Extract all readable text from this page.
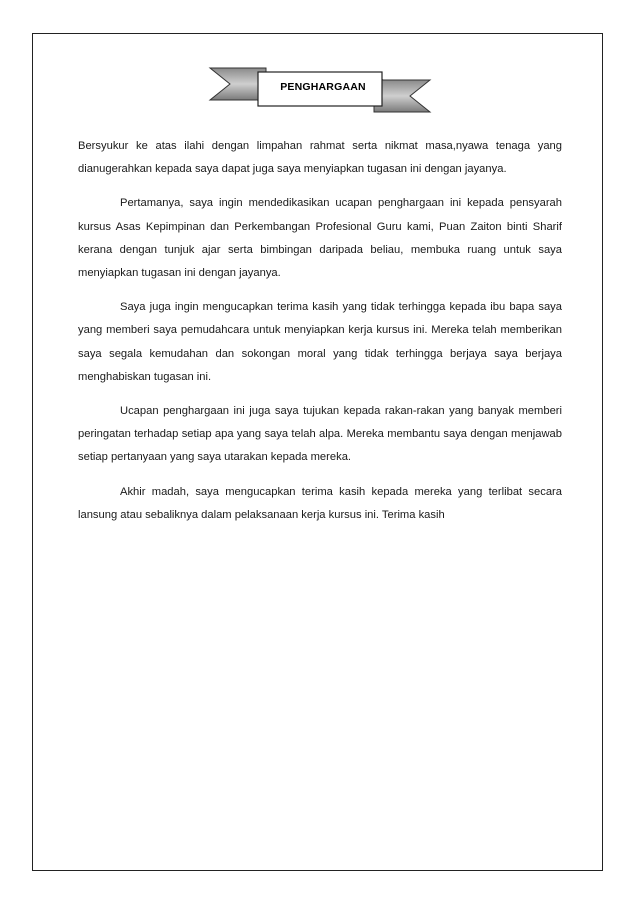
PENGHARGAAN

Bersyukur ke atas ilahi dengan limpahan rahmat serta nikmat masa,nyawa tenaga yang dianugerahkan kepada saya dapat juga saya menyiapkan tugasan ini dengan jayanya.

Pertamanya, saya ingin mendedikasikan ucapan penghargaan ini kepada pensyarah kursus Asas Kepimpinan dan Perkembangan Profesional Guru kami, Puan Zaiton binti Sharif kerana dengan tunjuk ajar serta bimbingan daripada beliau, membuka ruang untuk saya menyiapkan tugasan ini dengan jayanya.

Saya juga ingin mengucapkan terima kasih yang tidak terhingga kepada ibu bapa saya yang memberi saya pemudahcara untuk menyiapkan kerja kursus ini. Mereka telah memberikan saya segala kemudahan dan sokongan moral yang tidak terhingga berjaya saya berjaya menghabiskan tugasan ini.

Ucapan penghargaan ini juga saya tujukan kepada rakan-rakan yang banyak memberi peringatan terhadap setiap apa yang saya telah alpa. Mereka membantu saya dengan menjawab setiap pertanyaan yang saya utarakan kepada mereka.

Akhir madah, saya mengucapkan terima kasih kepada mereka yang terlibat secara lansung atau sebaliknya dalam pelaksanaan kerja kursus ini. Terima kasih
